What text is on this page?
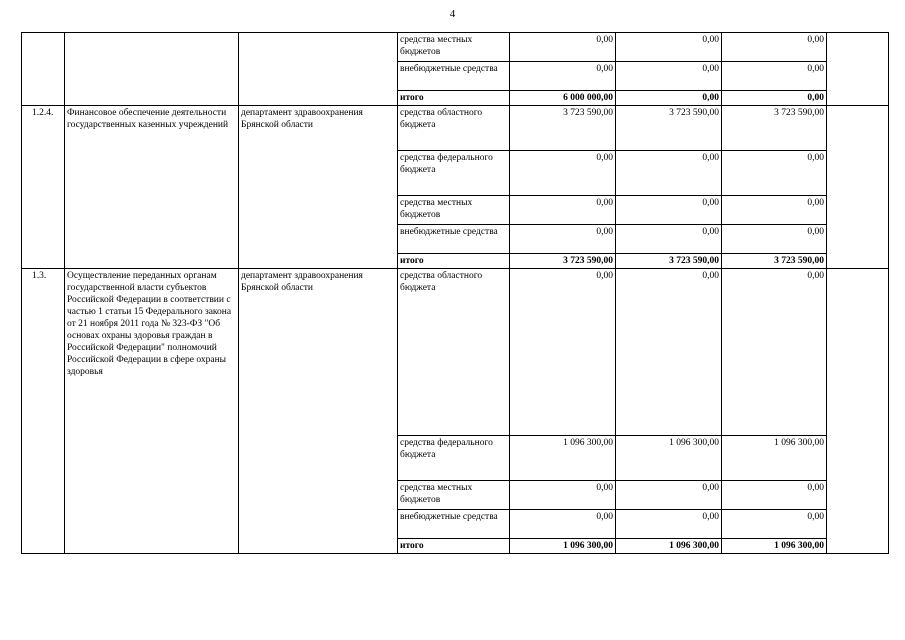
4
			средства местных бюджетов	0,00	0,00	0,00	
			внебюджетные средства	0,00	0,00	0,00	
			итого	6 000 000,00	0,00	0,00	
1.2.4.	Финансовое обеспечение деятельности государственных казенных учреждений	департамент здравоохранения Брянской области	средства областного бюджета	3 723 590,00	3 723 590,00	3 723 590,00	
			средства федерального бюджета	0,00	0,00	0,00	
			средства местных бюджетов	0,00	0,00	0,00	
			внебюджетные средства	0,00	0,00	0,00	
			итого	3 723 590,00	3 723 590,00	3 723 590,00	
1.3.	Осуществление переданных органам государственной власти субъектов Российской Федерации в соответствии с частью 1 статьи 15 Федерального закона от 21 ноября 2011 года № 323-ФЗ "Об основах охраны здоровья граждан в Российской Федерации" полномочий Российской Федерации в сфере охраны здоровья	департамент здравоохранения Брянской области	средства областного бюджета	0,00	0,00	0,00	
			средства федерального бюджета	1 096 300,00	1 096 300,00	1 096 300,00	
			средства местных бюджетов	0,00	0,00	0,00	
			внебюджетные средства	0,00	0,00	0,00	
			итого	1 096 300,00	1 096 300,00	1 096 300,00	
